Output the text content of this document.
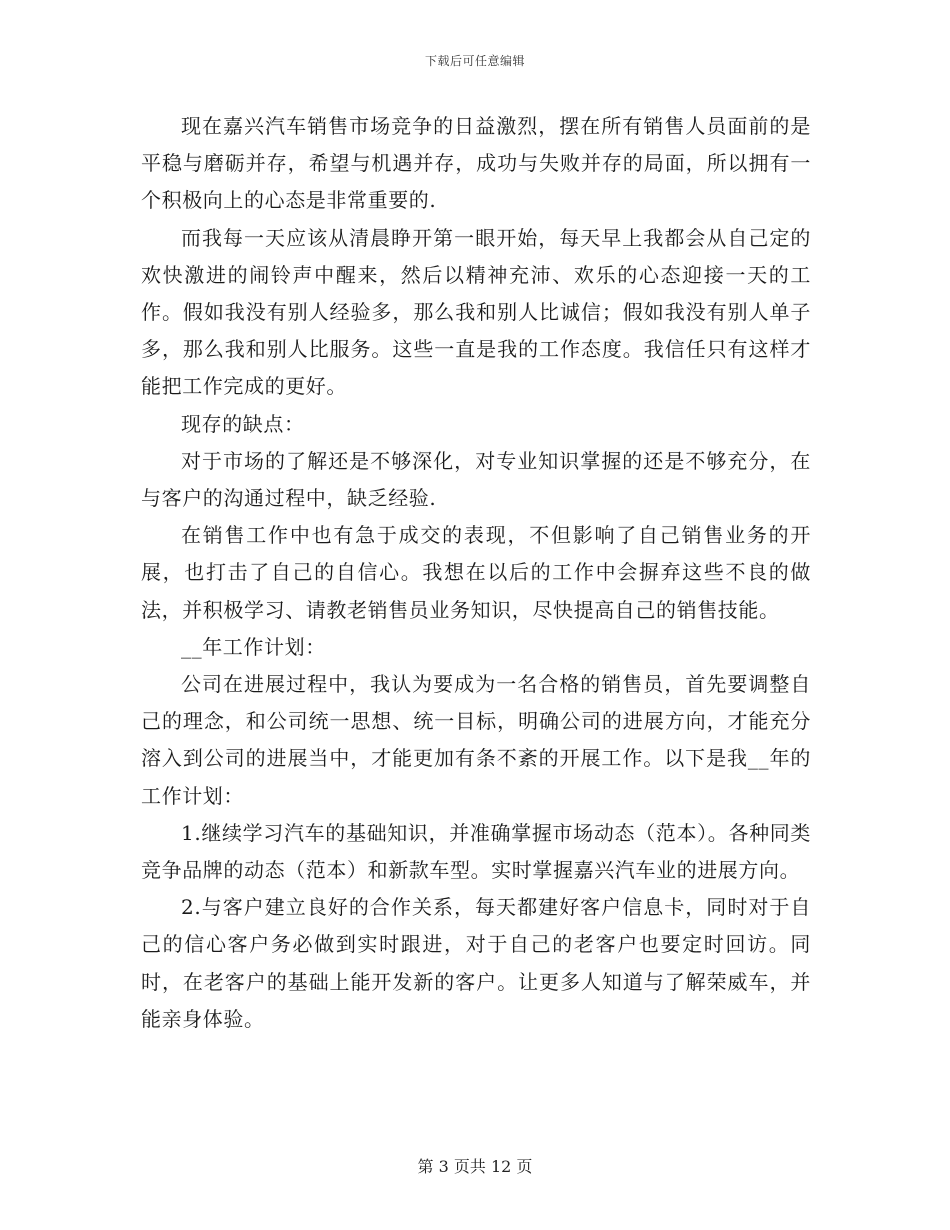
下载后可任意编辑

现在嘉兴汽车销售市场竞争的日益激烈，摆在所有销售人员面前的是平稳与磨砺并存，希望与机遇并存，成功与失败并存的局面，所以拥有一个积极向上的心态是非常重要的.

而我每一天应该从清晨睁开第一眼开始，每天早上我都会从自己定的欢快激进的闹铃声中醒来，然后以精神充沛、欢乐的心态迎接一天的工作。假如我没有别人经验多，那么我和别人比诚信；假如我没有别人单子多，那么我和别人比服务。这些一直是我的工作态度。我信任只有这样才能把工作完成的更好。

现存的缺点：

对于市场的了解还是不够深化，对专业知识掌握的还是不够充分，在与客户的沟通过程中，缺乏经验.

在销售工作中也有急于成交的表现，不但影响了自己销售业务的开展，也打击了自己的自信心。我想在以后的工作中会摒弃这些不良的做法，并积极学习、请教老销售员业务知识，尽快提高自己的销售技能。

__年工作计划：

公司在进展过程中，我认为要成为一名合格的销售员，首先要调整自己的理念，和公司统一思想、统一目标，明确公司的进展方向，才能充分溶入到公司的进展当中，才能更加有条不紊的开展工作。以下是我__年的工作计划：

1.继续学习汽车的基础知识，并准确掌握市场动态（范本）。各种同类竞争品牌的动态（范本）和新款车型。实时掌握嘉兴汽车业的进展方向。

2.与客户建立良好的合作关系，每天都建好客户信息卡，同时对于自己的信心客户务必做到实时跟进，对于自己的老客户也要定时回访。同时，在老客户的基础上能开发新的客户。让更多人知道与了解荣威车，并能亲身体验。

第 3 页共 12 页
